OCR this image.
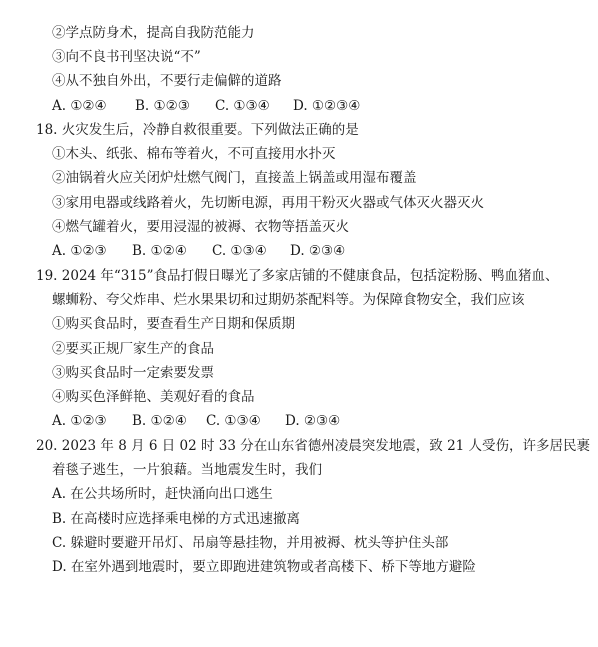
②学点防身术，提高自我防范能力
③向不良书刊坚决说“不”
④从不独自外出，不要行走偏僻的道路
A. ①②④ B. ①②③ C. ①③④ D. ①②③④
18. 火灾发生后，冷静自救很重要。下列做法正确的是
①木头、纸张、棉布等着火，不可直接用水扑灭
②油锅着火应关闭炉灶燃气阀门，直接盖上锅盖或用湿布覆盖
③家用电器或线路着火，先切断电源，再用干粉灭火器或气体灭火器灭火
④燃气罐着火，要用浸湿的被褥、衣物等捂盖灭火
A. ①②③ B. ①②④ C. ①③④ D. ②③④
19. 2024 年“315”食品打假日曝光了多家店铺的不健康食品，包括淀粉肠、鸭血猪血、
螺蛳粉、夸父炸串、烂水果果切和过期奶茶配料等。为保障食物安全，我们应该
①购买食品时，要查看生产日期和保质期
②要买正规厂家生产的食品
③购买食品时一定索要发票
④购买色泽鲜艳、美观好看的食品
A. ①②③ B. ①②④ C. ①③④ D. ②③④
20. 2023 年 8 月 6 日 02 时 33 分在山东省德州凌晨突发地震，致 21 人受伤，许多居民裹
着毯子逃生，一片狼藉。当地震发生时，我们
A. 在公共场所时，赶快涌向出口逃生
B. 在高楼时应选择乘电梯的方式迅速撤离
C. 躲避时要避开吊灯、吊扇等悬挂物，并用被褥、枕头等护住头部
D. 在室外遇到地震时，要立即跑进建筑物或者高楼下、桥下等地方避险
